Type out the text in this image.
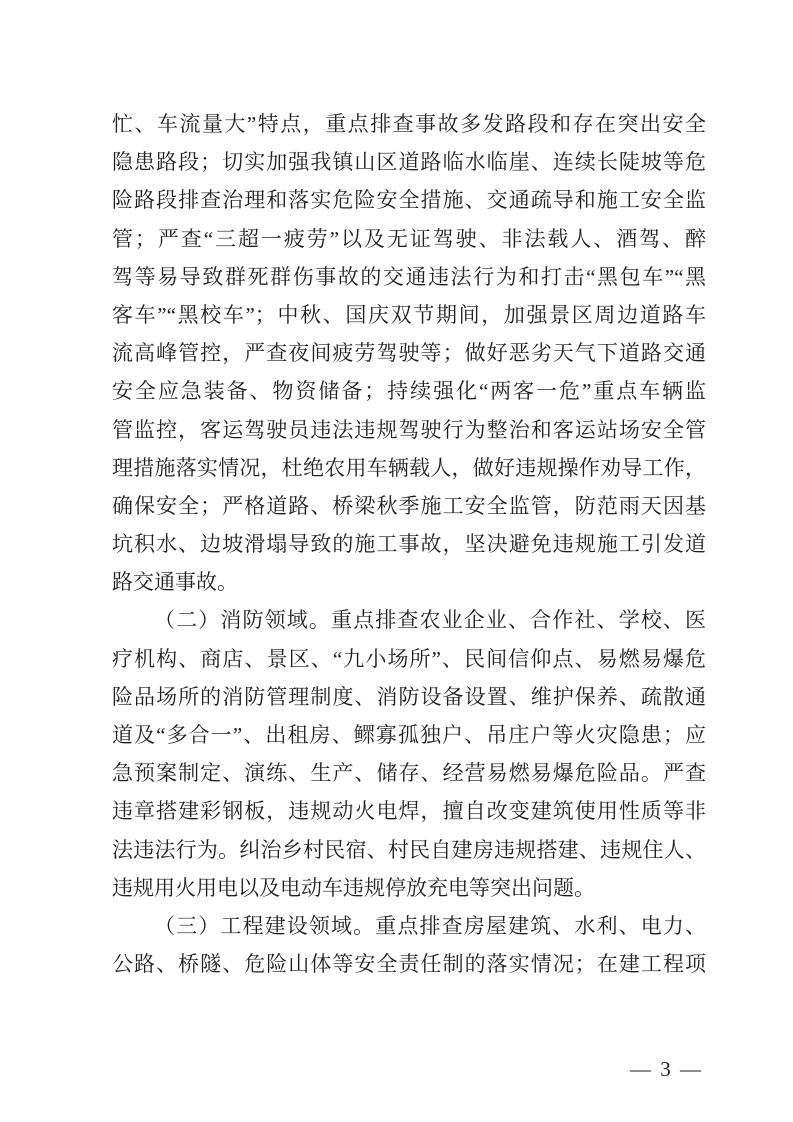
忙、车流量大”特点，重点排查事故多发路段和存在突出安全
隐患路段；切实加强我镇山区道路临水临崖、连续长陡坡等危
险路段排查治理和落实危险安全措施、交通疏导和施工安全监
管；严查“三超一疲劳”以及无证驾驶、非法载人、酒驾、醉
驾等易导致群死群伤事故的交通违法行为和打击“黑包车”“黑
客车”“黑校车”；中秋、国庆双节期间，加强景区周边道路车
流高峰管控，严查夜间疲劳驾驶等；做好恶劣天气下道路交通
安全应急装备、物资储备；持续强化“两客一危”重点车辆监
管监控，客运驾驶员违法违规驾驶行为整治和客运站场安全管
理措施落实情况，杜绝农用车辆载人，做好违规操作劝导工作，
确保安全；严格道路、桥梁秋季施工安全监管，防范雨天因基
坑积水、边坡滑塌导致的施工事故，坚决避免违规施工引发道
路交通事故。
（二）消防领域。重点排查农业企业、合作社、学校、医
疗机构、商店、景区、“九小场所”、民间信仰点、易燃易爆危
险品场所的消防管理制度、消防设备设置、维护保养、疏散通
道及“多合一”、出租房、鳏寡孤独户、吊庄户等火灾隐患；应
急预案制定、演练、生产、储存、经营易燃易爆危险品。严查
违章搭建彩钢板，违规动火电焊，擅自改变建筑使用性质等非
法违法行为。纠治乡村民宿、村民自建房违规搭建、违规住人、
违规用火用电以及电动车违规停放充电等突出问题。
（三）工程建设领域。重点排查房屋建筑、水利、电力、
公路、桥隧、危险山体等安全责任制的落实情况；在建工程项
— 3 —
